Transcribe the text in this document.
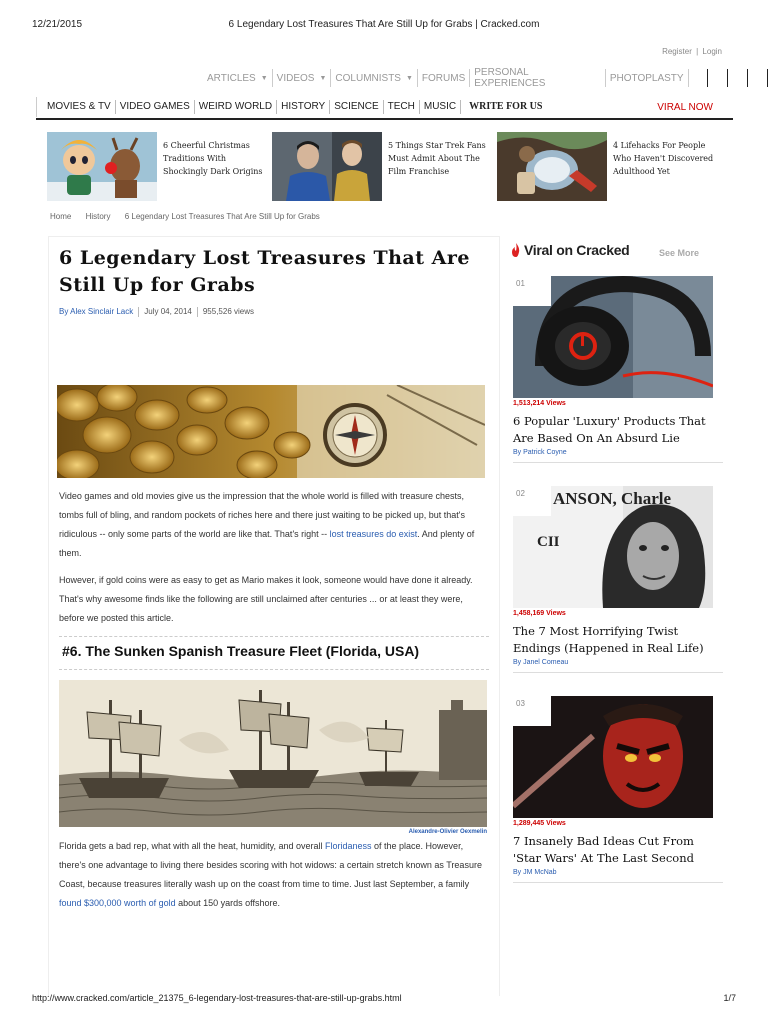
12/21/2015	6 Legendary Lost Treasures That Are Still Up for Grabs | Cracked.com
Register | Login
ARTICLES ▼ VIDEOS ▼ COLUMNISTS ▼ FORUMS PERSONAL EXPERIENCES	PHOTOPLASTY
MOVIES & TV VIDEO GAMES WEIRD WORLD HISTORY SCIENCE TECH MUSIC	WRITE FOR US	VIRAL NOW
6 Cheerful Christmas Traditions With Shockingly Dark Origins
5 Things Star Trek Fans Must Admit About The Film Franchise
4 Lifehacks For People Who Haven't Discovered Adulthood Yet
Home History 6 Legendary Lost Treasures That Are Still Up for Grabs
6 Legendary Lost Treasures That Are Still Up for Grabs
By Alex Sinclair Lack July 04, 2014 955,526 views

Video games and old movies give us the impression that the whole world is filled with treasure chests, tombs full of bling, and random pockets of riches here and there just waiting to be picked up, but that's ridiculous -- only some parts of the world are like that. That's right -- lost treasures do exist. And plenty of them.

However, if gold coins were as easy to get as Mario makes it look, someone would have done it already. That's why awesome finds like the following are still unclaimed after centuries ... or at least they were, before we posted this article.

#6. The Sunken Spanish Treasure Fleet (Florida, USA)
Alexandre-Olivier Oexmelin

Florida gets a bad rep, what with all the heat, humidity, and overall Floridaness of the place. However, there's one advantage to living there besides scoring with hot widows: a certain stretch known as Treasure Coast, because treasures literally wash up on the coast from time to time. Just last September, a family found $300,000 worth of gold about 150 yards offshore.

Viral on Cracked	See More
01
1,513,214 Views
6 Popular 'Luxury' Products That Are Based On An Absurd Lie
By Patrick Coyne
ANSON, Charle
CII
02
1,458,169 Views
The 7 Most Horrifying Twist Endings (Happened in Real Life)
By Janel Comeau
03
1,289,445 Views
7 Insanely Bad Ideas Cut From 'Star Wars' At The Last Second
By JM McNab
http://www.cracked.com/article_21375_6-legendary-lost-treasures-that-are-still-up-grabs.html	1/7
